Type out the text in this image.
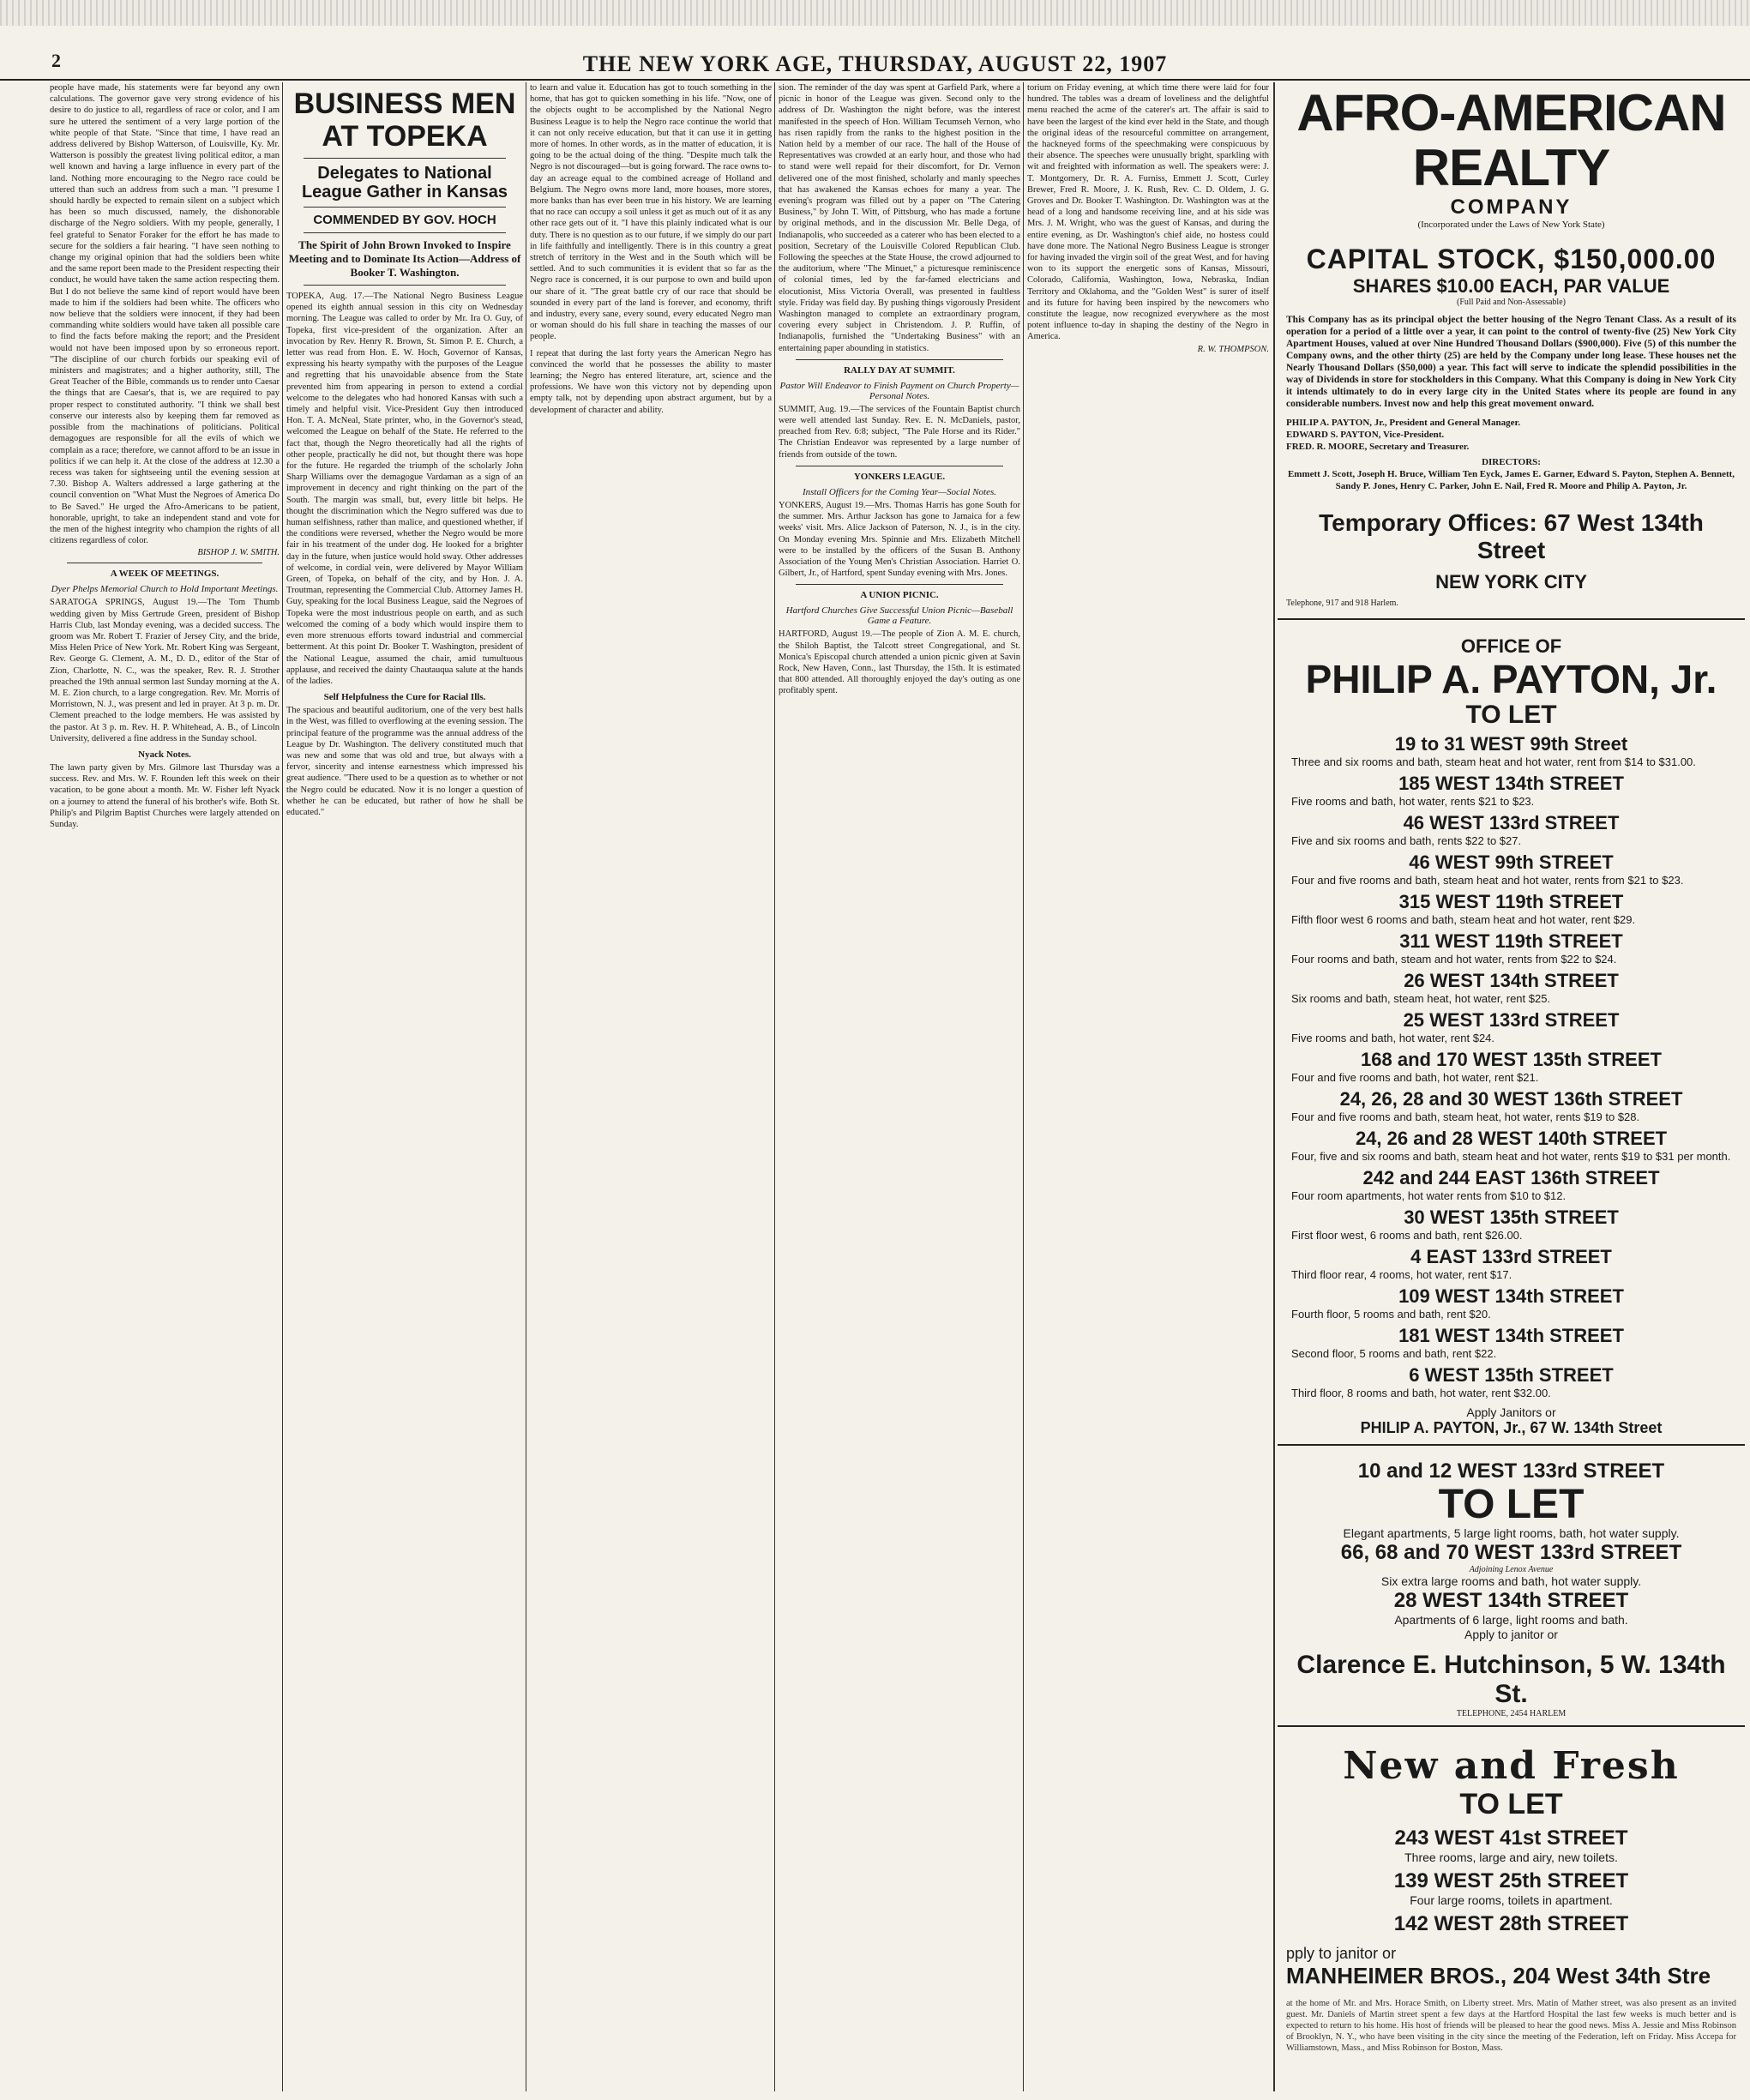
2	THE NEW YORK AGE, THURSDAY, AUGUST 22, 1907
people have made, his statements were far beyond any own calculations. The governor gave very strong evidence of his desire to do justice to all, regardless of race or color, and I am sure he uttered the sentiment of a very large portion of the white people of that State. "Since that time, I have read an address delivered by Bishop Watterson, of Louisville, Ky. Mr. Watterson is possibly the greatest living political editor, a man well known and having a large influence in every part of the land. Nothing more encouraging to the Negro race could be uttered than such an address from such a man. "I presume I should hardly be expected to remain silent on a subject which has been so much discussed, namely, the dishonorable discharge of the Negro soldiers. With my people, generally, I feel grateful to Senator Foraker for the effort he has made to secure for the soldiers a fair hearing. "I have seen nothing to change my original opinion that had the soldiers been white and the same report been made to the President respecting their conduct, he would have taken the same action respecting them. But I do not believe the same kind of report would have been made to him if the soldiers had been white. The officers who now believe that the soldiers were innocent, if they had been commanding white soldiers would have taken all possible care to find the facts before making the report; and the President would not have been imposed upon by so erroneous report. "The discipline of our church forbids our speaking evil of ministers and magistrates; and a higher authority, still, The Great Teacher of the Bible, commands us to render unto Caesar the things that are Caesar's, that is, we are required to pay proper respect to constituted authority. "I think we shall best conserve our interests also by keeping them far removed as possible from the machinations of politicians. Political demagogues are responsible for all the evils of which we complain as a race; therefore, we cannot afford to be an issue in politics if we can help it. At the close of the address at 12.30 a recess was taken for sightseeing until the evening session at 7.30. Bishop A. Walters addressed a large gathering at the council convention on "What Must the Negroes of America Do to Be Saved." He urged the Afro-Americans to be patient, honorable, upright, to take an independent stand and vote for the men of the highest integrity who champion the rights of all citizens regardless of color.
BISHOP J. W. SMITH.
A WEEK OF MEETINGS.
Dyer Phelps Memorial Church to Hold Important Meetings.
SARATOGA SPRINGS, August 19.—The Tom Thumb wedding given by Miss Gertrude Green, president of Bishop Harris Club, last Monday evening, was a decided success. The groom was Mr. Robert T. Frazier of Jersey City, and the bride, Miss Helen Price of New York. Mr. Robert King was Sergeant, Rev. George G. Clement, A. M., D. D., editor of the Star of Zion, Charlotte, N. C., was the speaker, Rev. R. J. Strother preached the 19th annual sermon last Sunday morning at the A. M. E. Zion church, to a large congregation. Rev. Mr. Morris of Morristown, N. J., was present and led in prayer. At 3 p. m. Dr. Clement preached to the lodge members. He was assisted by the pastor. At 3 p. m. Rev. H. P. Whitehead, A. B., of Lincoln University, delivered a fine address in the Sunday school.
Nyack Notes.
The lawn party given by Mrs. Gilmore last Thursday was a success. Rev. and Mrs. W. F. Rounden left this week on their vacation, to be gone about a month. Mr. W. Fisher left Nyack on a journey to attend the funeral of his brother's wife. Both St. Philip's and Pilgrim Baptist Churches were largely attended on Sunday.
BUSINESS MEN AT TOPEKA
Delegates to National League Gather in Kansas
COMMENDED BY GOV. HOCH
The Spirit of John Brown Invoked to Inspire Meeting and to Dominate Its Action—Address of Booker T. Washington.
TOPEKA, Aug. 17.—The National Negro Business League opened its eighth annual session in this city on Wednesday morning. The League was called to order by Mr. Ira O. Guy, of Topeka, first vice-president of the organization. After an invocation by Rev. Henry R. Brown, St. Simon P. E. Church, a letter was read from Hon. E. W. Hoch, Governor of Kansas, expressing his hearty sympathy with the purposes of the League and regretting that his unavoidable absence from the State prevented him from appearing in person to extend a cordial welcome to the delegates who had honored Kansas with such a timely and helpful visit. Vice-President Guy then introduced Hon. T. A. McNeal, State printer, who, in the Governor's stead, welcomed the League on behalf of the State. He referred to the fact that, though the Negro theoretically had all the rights of other people, practically he did not, but thought there was hope for the future. He regarded the triumph of the scholarly John Sharp Williams over the demagogue Vardaman as a sign of an improvement in decency and right thinking on the part of the South. The margin was small, but, every little bit helps. He thought the discrimination which the Negro suffered was due to human selfishness, rather than malice, and questioned whether, if the conditions were reversed, whether the Negro would be more fair in his treatment of the under dog. He looked for a brighter day in the future, when justice would hold sway. Other addresses of welcome, in cordial vein, were delivered by Mayor William Green, of Topeka, on behalf of the city, and by Hon. J. A. Troutman, representing the Commercial Club. Attorney James H. Guy, speaking for the local Business League, said the Negroes of Topeka were the most industrious people on earth, and as such welcomed the coming of a body which would inspire them to even more strenuous efforts toward industrial and commercial betterment. At this point Dr. Booker T. Washington, president of the National League, assumed the chair, amid tumultuous applause, and received the dainty Chautauqua salute at the hands of the ladies.
Self Helpfulness the Cure for Racial Ills.
The spacious and beautiful auditorium, one of the very best halls in the West, was filled to overflowing at the evening session. The principal feature of the programme was the annual address of the League by Dr. Washington. The delivery constituted much that was new and some that was old and true, but always with a fervor, sincerity and intense earnestness which impressed his great audience. "There used to be a question as to whether or not the Negro could be educated. Now it is no longer a question of whether he can be educated, but rather of how he shall be educated."
to learn and value it. Education has got to touch something in the home, that has got to quicken something in his life. "Now, one of the objects ought to be accomplished by the National Negro Business League is to help the Negro race continue the world that it can not only receive education, but that it can use it in getting more of homes. In other words, as in the matter of education, it is going to be the actual doing of the thing. "Despite much talk the Negro is not discouraged—but is going forward. The race owns to-day an acreage equal to the combined acreage of Holland and Belgium. The Negro owns more land, more houses, more stores, more banks than has ever been true in his history. We are learning that no race can occupy a soil unless it get as much out of it as any other race gets out of it. "I have this plainly indicated what is our duty. There is no question as to our future, if we simply do our part in life faithfully and intelligently. There is in this country a great stretch of territory in the West and in the South which will be settled. And to such communities it is evident that so far as the Negro race is concerned, it is our purpose to own and build upon our share of it. "The great battle cry of our race that should be sounded in every part of the land is forever, and economy, thrift and industry, every sane, every sound, every educated Negro man or woman should do his full share in teaching the masses of our people.
I repeat that during the last forty years the American Negro has convinced the world that he possesses the ability to master learning; the Negro has entered literature, art, science and the professions. We have won this victory not by depending upon empty talk, not by depending upon abstract argument, but by a development of character and ability.
sion. The reminder of the day was spent at Garfield Park, where a picnic in honor of the League was given. Second only to the address of Dr. Washington the night before, was the interest manifested in the speech of Hon. William Tecumseh Vernon, who has risen rapidly from the ranks to the highest position in the Nation held by a member of our race. The hall of the House of Representatives was crowded at an early hour, and those who had to stand were well repaid for their discomfort, for Dr. Vernon delivered one of the most finished, scholarly and manly speeches that has awakened the Kansas echoes for many a year. The evening's program was filled out by a paper on "The Catering Business," by John T. Witt, of Pittsburg, who has made a fortune by original methods, and in the discussion Mr. Belle Dega, of Indianapolis, who succeeded as a caterer who has been elected to a position, Secretary of the Louisville Colored Republican Club. Following the speeches at the State House, the crowd adjourned to the auditorium, where "The Minuet," a picturesque reminiscence of colonial times, led by the far-famed electricians and elocutionist, Miss Victoria Overall, was presented in faultless style. Friday was field day. By pushing things vigorously President Washington managed to complete an extraordinary program, covering every subject in Christendom. J. P. Ruffin, of Indianapolis, furnished the "Undertaking Business" with an entertaining paper abounding in statistics.
RALLY DAY AT SUMMIT.
Pastor Will Endeavor to Finish Payment on Church Property—Personal Notes.
SUMMIT, Aug. 19.—The services of the Fountain Baptist church were well attended last Sunday. Rev. E. N. McDaniels, pastor, preached from Rev. 6:8; subject, "The Pale Horse and its Rider." The Christian Endeavor was represented by a large number of friends from outside of the town.
YONKERS LEAGUE.
Install Officers for the Coming Year—Social Notes.
YONKERS, August 19.—Mrs. Thomas Harris has gone South for the summer. Mrs. Arthur Jackson has gone to Jamaica for a few weeks' visit. Mrs. Alice Jackson of Paterson, N. J., is in the city. On Monday evening Mrs. Spinnie and Mrs. Elizabeth Mitchell were to be installed by the officers of the Susan B. Anthony Association of the Young Men's Christian Association. Harriet O. Gilbert, Jr., of Hartford, spent Sunday evening with Mrs. Jones.
A UNION PICNIC.
Hartford Churches Give Successful Union Picnic—Baseball Game a Feature.
HARTFORD, August 19.—The people of Zion A. M. E. church, the Shiloh Baptist, the Talcott street Congregational, and St. Monica's Episcopal church attended a union picnic given at Savin Rock, New Haven, Conn., last Thursday, the 15th. It is estimated that 800 attended. All thoroughly enjoyed the day's outing as one profitably spent.
torium on Friday evening, at which time there were laid for four hundred. The tables was a dream of loveliness and the delightful menu reached the acme of the caterer's art. The affair is said to have been the largest of the kind ever held in the State, and though the original ideas of the resourceful committee on arrangement, the hackneyed forms of the speechmaking were conspicuous by their absence. The speeches were unusually bright, sparkling with wit and freighted with information as well. The speakers were: J. T. Montgomery, Dr. R. A. Furniss, Emmett J. Scott, Curley Brewer, Fred R. Moore, J. K. Rush, Rev. C. D. Oldem, J. G. Groves and Dr. Booker T. Washington. Dr. Washington was at the head of a long and handsome receiving line, and at his side was Mrs. J. M. Wright, who was the guest of Kansas, and during the entire evening, as Dr. Washington's chief aide, no hostess could have done more. The National Negro Business League is stronger for having invaded the virgin soil of the great West, and for having won to its support the energetic sons of Kansas, Missouri, Colorado, California, Washington, Iowa, Nebraska, Indian Territory and Oklahoma, and the "Golden West" is surer of itself and its future for having been inspired by the newcomers who constitute the league, now recognized everywhere as the most potent influence to-day in shaping the destiny of the Negro in America.
R. W. THOMPSON.
AFRO-AMERICAN REALTY
COMPANY
(Incorporated under the Laws of New York State)
CAPITAL STOCK, $150,000.00
SHARES $10.00 EACH, PAR VALUE
(Full Paid and Non-Assessable)
This Company has as its principal object the better housing of the Negro Tenant Class. As a result of its operation for a period of a little over a year, it can point to the control of twenty-five (25) New York City Apartment Houses, valued at over Nine Hundred Thousand Dollars ($900,000). Five (5) of this number the Company owns, and the other thirty (25) are held by the Company under long lease. These houses net the Nearly Thousand Dollars ($50,000) a year. This fact will serve to indicate the splendid possibilities in the way of Dividends in store for stockholders in this Company. What this Company is doing in New York City it intends ultimately to do in every large city in the United States where its people are found in any considerable numbers. Invest now and help this great movement onward.
PHILIP A. PAYTON, Jr., President and General Manager.
EDWARD S. PAYTON, Vice-President.
FRED. R. MOORE, Secretary and Treasurer.
DIRECTORS:
Emmett J. Scott, Joseph H. Bruce, William Ten Eyck, James E. Garner, Edward S. Payton, Stephen A. Bennett, Sandy P. Jones, Henry C. Parker, John E. Nail, Fred R. Moore and Philip A. Payton, Jr.
Temporary Offices: 67 West 134th Street
NEW YORK CITY
Telephone, 917 and 918 Harlem.
OFFICE OF
PHILIP A. PAYTON, Jr.
TO LET
19 to 31 WEST 99th Street
Three and six rooms and bath, steam heat and hot water, rent from $14 to $31.00.
185 WEST 134th STREET
Five rooms and bath, hot water, rents $21 to $23.
46 WEST 133rd STREET
Five and six rooms and bath, rents $22 to $27.
46 WEST 99th STREET
Four and five rooms and bath, steam heat and hot water, rents from $21 to $23.
315 WEST 119th STREET
Fifth floor west 6 rooms and bath, steam heat and hot water, rent $29.
311 WEST 119th STREET
Four rooms and bath, steam and hot water, rents from $22 to $24.
26 WEST 134th STREET
Six rooms and bath, steam heat, hot water, rent $25.
25 WEST 133rd STREET
Five rooms and bath, hot water, rent $24.
168 and 170 WEST 135th STREET
Four and five rooms and bath, hot water, rent $21.
24, 26, 28 and 30 WEST 136th STREET
Four and five rooms and bath, steam heat, hot water, rents $19 to $28.
24, 26 and 28 WEST 140th STREET
Four, five and six rooms and bath, steam heat and hot water, rents $19 to $31 per month.
242 and 244 EAST 136th STREET
Four room apartments, hot water rents from $10 to $12.
30 WEST 135th STREET
First floor west, 6 rooms and bath, rent $26.00.
4 EAST 133rd STREET
Third floor rear, 4 rooms, hot water, rent $17.
109 WEST 134th STREET
Fourth floor, 5 rooms and bath, rent $20.
181 WEST 134th STREET
Second floor, 5 rooms and bath, rent $22.
6 WEST 135th STREET
Third floor, 8 rooms and bath, hot water, rent $32.00.
Apply Janitors or
PHILIP A. PAYTON, Jr., 67 W. 134th Street
10 and 12 WEST 133rd STREET
TO LET
Elegant apartments, 5 large light rooms, bath, hot water supply.
66, 68 and 70 WEST 133rd STREET
Adjoining Lenox Avenue
Six extra large rooms and bath, hot water supply.
28 WEST 134th STREET
Apartments of 6 large, light rooms and bath.
Apply to janitor or
Clarence E. Hutchinson, 5 W. 134th St.
TELEPHONE, 2454 HARLEM
New and Fresh
TO LET
243 WEST 41st STREET
Three rooms, large and airy, new toilets.
139 WEST 25th STREET
Four large rooms, toilets in apartment.
142 WEST 28th STREET
pply to janitor or
MANHEIMER BROS., 204 West 34th Stre
at the home of Mr. and Mrs. Horace Smith, on Liberty street. Mrs. Matin of Mather street, was also present as an invited guest. Mr. Daniels of Martin street spent a few days at the Hartford Hospital the last few weeks is much better and is expected to return to his home. His host of friends will be pleased to hear the good news. Miss A. Jessie and Miss Robinson of Brooklyn, N. Y., who have been visiting in the city since the meeting of the Federation, left on Friday. Miss Accepa for Williamstown, Mass., and Miss Robinson for Boston, Mass.
